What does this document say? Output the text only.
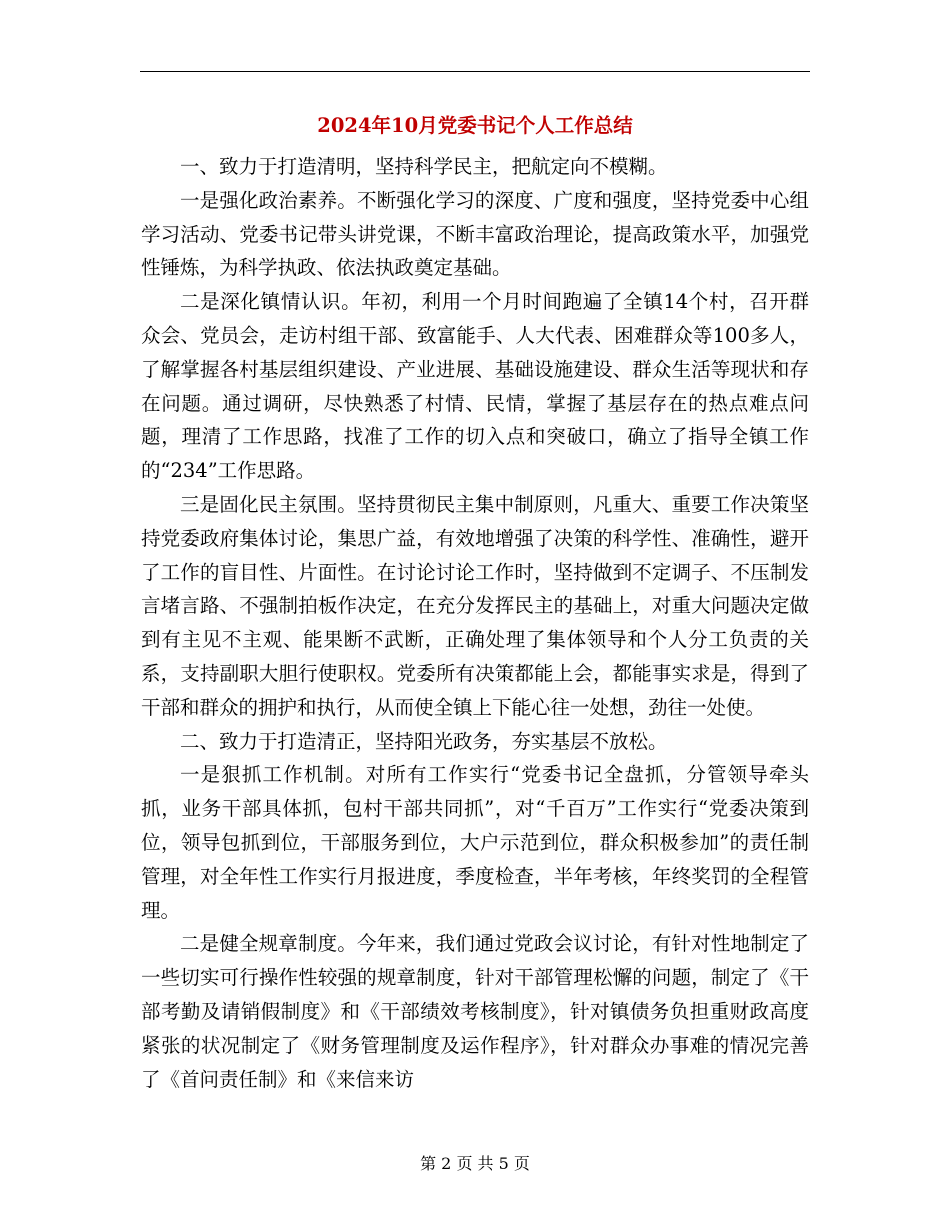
2024年10月党委书记个人工作总结

一、致力于打造清明，坚持科学民主，把航定向不模糊。

一是强化政治素养。不断强化学习的深度、广度和强度，坚持党委中心组学习活动、党委书记带头讲党课，不断丰富政治理论，提高政策水平，加强党性锤炼，为科学执政、依法执政奠定基础。

二是深化镇情认识。年初，利用一个月时间跑遍了全镇14个村，召开群众会、党员会，走访村组干部、致富能手、人大代表、困难群众等100多人，了解掌握各村基层组织建设、产业进展、基础设施建设、群众生活等现状和存在问题。通过调研，尽快熟悉了村情、民情，掌握了基层存在的热点难点问题，理清了工作思路，找准了工作的切入点和突破口，确立了指导全镇工作的“234”工作思路。

三是固化民主氛围。坚持贯彻民主集中制原则，凡重大、重要工作决策坚持党委政府集体讨论，集思广益，有效地增强了决策的科学性、准确性，避开了工作的盲目性、片面性。在讨论讨论工作时，坚持做到不定调子、不压制发言堵言路、不强制拍板作决定，在充分发挥民主的基础上，对重大问题决定做到有主见不主观、能果断不武断，正确处理了集体领导和个人分工负责的关系，支持副职大胆行使职权。党委所有决策都能上会，都能事实求是，得到了干部和群众的拥护和执行，从而使全镇上下能心往一处想，劲往一处使。

二、致力于打造清正，坚持阳光政务，夯实基层不放松。

一是狠抓工作机制。对所有工作实行“党委书记全盘抓，分管领导牵头抓，业务干部具体抓，包村干部共同抓”，对“千百万”工作实行“党委决策到位，领导包抓到位，干部服务到位，大户示范到位，群众积极参加”的责任制管理，对全年性工作实行月报进度，季度检查，半年考核，年终奖罚的全程管理。

二是健全规章制度。今年来，我们通过党政会议讨论，有针对性地制定了一些切实可行操作性较强的规章制度，针对干部管理松懈的问题，制定了《干部考勤及请销假制度》和《干部绩效考核制度》，针对镇债务负担重财政高度紧张的状况制定了《财务管理制度及运作程序》，针对群众办事难的情况完善了《首问责任制》和《来信来访

第 2 页 共 5 页
